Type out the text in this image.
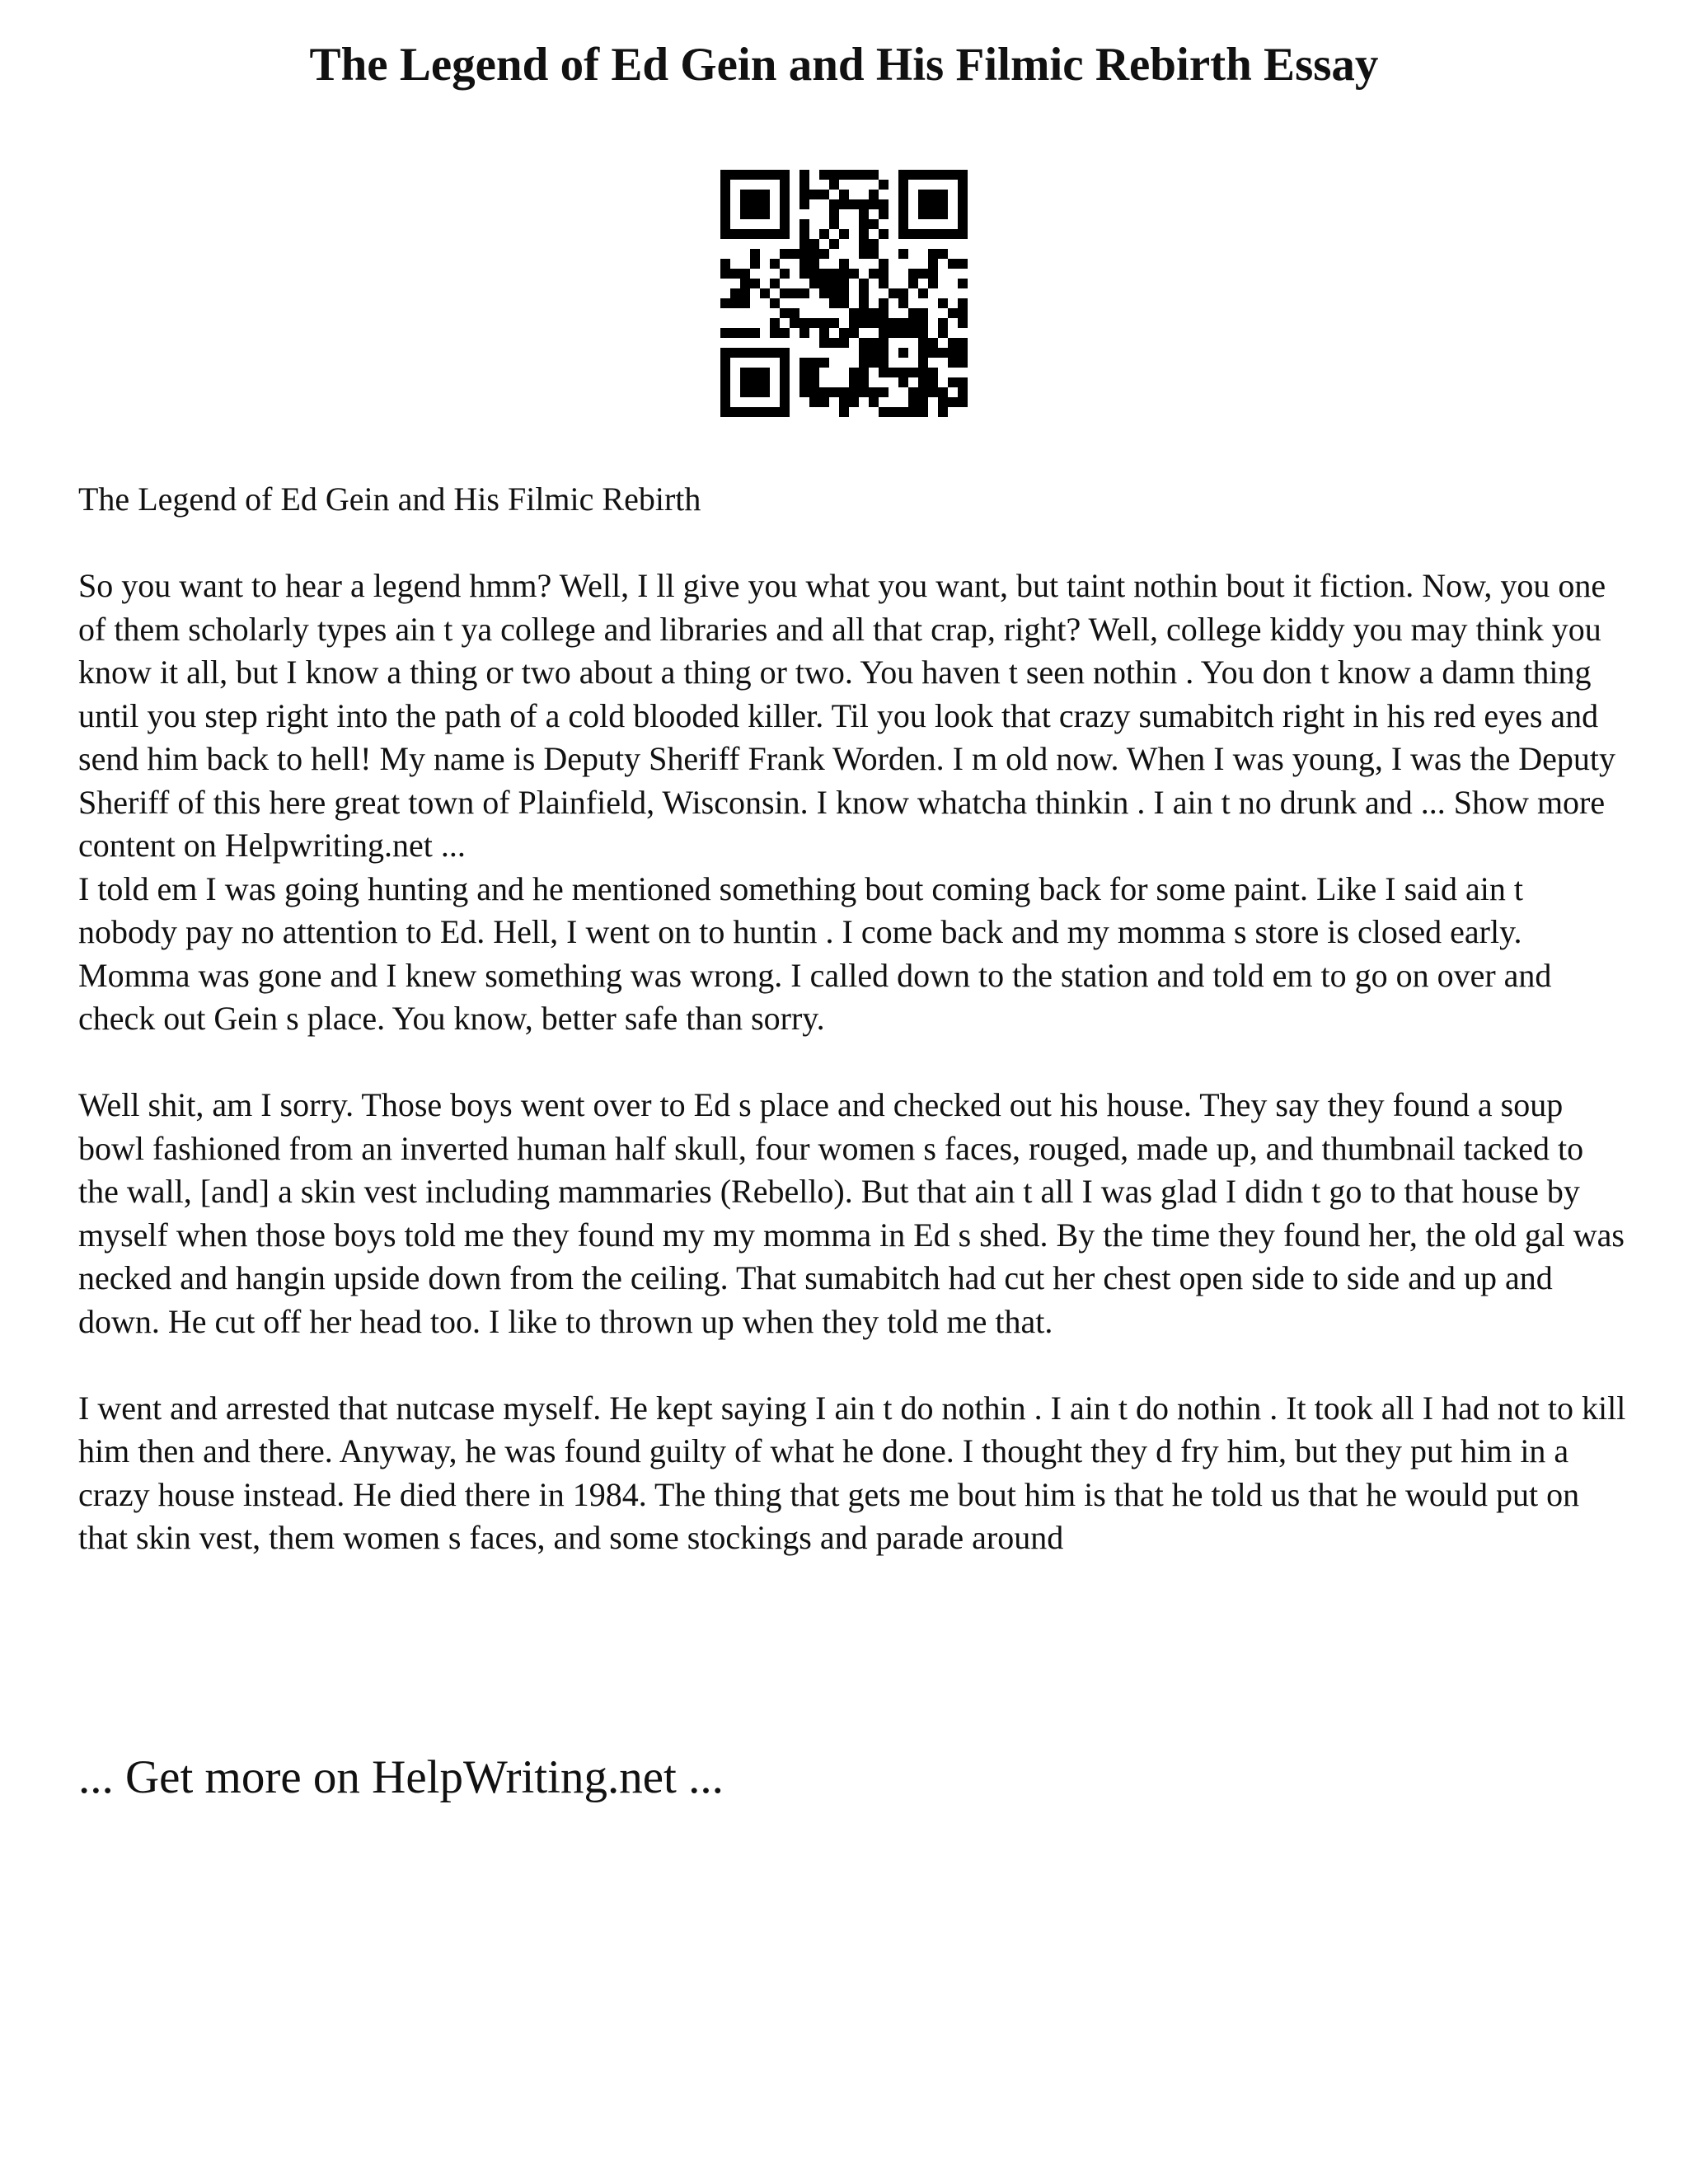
The Legend of Ed Gein and His Filmic Rebirth Essay

The Legend of Ed Gein and His Filmic Rebirth

So you want to hear a legend hmm? Well, I ll give you what you want, but taint nothin bout it fiction. Now, you one of them scholarly types ain t ya college and libraries and all that crap, right? Well, college kiddy you may think you know it all, but I know a thing or two about a thing or two. You haven t seen nothin . You don t know a damn thing until you step right into the path of a cold blooded killer. Til you look that crazy sumabitch right in his red eyes and send him back to hell! My name is Deputy Sheriff Frank Worden. I m old now. When I was young, I was the Deputy Sheriff of this here great town of Plainfield, Wisconsin. I know whatcha thinkin . I ain t no drunk and ... Show more content on Helpwriting.net ...

I told em I was going hunting and he mentioned something bout coming back for some paint. Like I said ain t nobody pay no attention to Ed. Hell, I went on to huntin . I come back and my momma s store is closed early. Momma was gone and I knew something was wrong. I called down to the station and told em to go on over and check out Gein s place. You know, better safe than sorry.

Well shit, am I sorry. Those boys went over to Ed s place and checked out his house. They say they found a soup bowl fashioned from an inverted human half skull, four women s faces, rouged, made up, and thumbnail tacked to the wall, [and] a skin vest including mammaries (Rebello). But that ain t all I was glad I didn t go to that house by myself when those boys told me they found my my momma in Ed s shed. By the time they found her, the old gal was necked and hangin upside down from the ceiling. That sumabitch had cut her chest open side to side and up and down. He cut off her head too. I like to thrown up when they told me that.

I went and arrested that nutcase myself. He kept saying I ain t do nothin . I ain t do nothin . It took all I had not to kill him then and there. Anyway, he was found guilty of what he done. I thought they d fry him, but they put him in a crazy house instead. He died there in 1984. The thing that gets me bout him is that he told us that he would put on that skin vest, them women s faces, and some stockings and parade around

... Get more on HelpWriting.net ...
